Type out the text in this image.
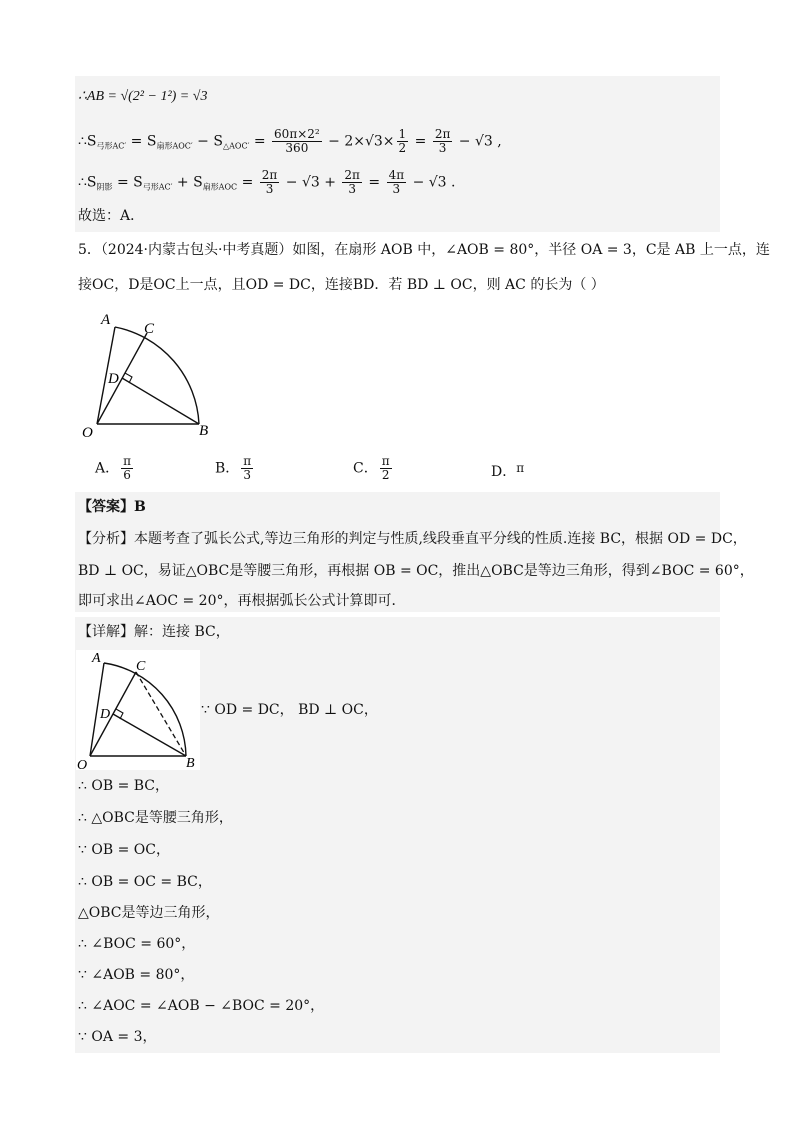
∴AB = √(2² − 1²) = √3
$\therefore S_{弓形AC'} = S_{扇形AOC'} - S_{\triangle AOC'} = \frac{\text{60π×2²}}{360} - 2\times√3\times \frac{1}{2} = \frac{2\pi}{3} - √3$ ,
$\therefore S_{阴影} = S_{弓形AC'} + S_{扇形AOC} = \frac{2\pi}{3} - √3 + \frac{2\pi}{3} = \frac{4\pi}{3} - √3$ .
故选：A．
5．（2024·内蒙古包头·中考真题）如图，在扇形 AOB 中，∠AOB = 80°，半径 OA = 3，C是 AB 上一点，连
接OC，D是OC上一点，且OD = DC，连接BD．若 BD ⊥ OC，则 AC 的长为（ ）
A
C
D
O	B
A． $\frac{\pi}{6}$	B． $\frac{\pi}{3}$	C． $\frac{\pi}{2}$	D．π
【答案】B
【分析】本题考查了弧长公式,等边三角形的判定与性质,线段垂直平分线的性质.连接 BC，根据 OD = DC，
BD ⊥ OC，易证△OBC是等腰三角形，再根据 OB = OC，推出△OBC是等边三角形，得到∠BOC = 60°，
即可求出∠AOC = 20°，再根据弧长公式计算即可．
【详解】解：连接 BC，
A
C
D
O	B
∵ OD = DC， BD ⊥ OC，
∴ OB = BC，
∴ △OBC是等腰三角形，
∵ OB = OC，
∴ OB = OC = BC，
△OBC是等边三角形，
∴ ∠BOC = 60°，
∵ ∠AOB = 80°，
∴ ∠AOC = ∠AOB − ∠BOC = 20°，
∵ OA = 3，
